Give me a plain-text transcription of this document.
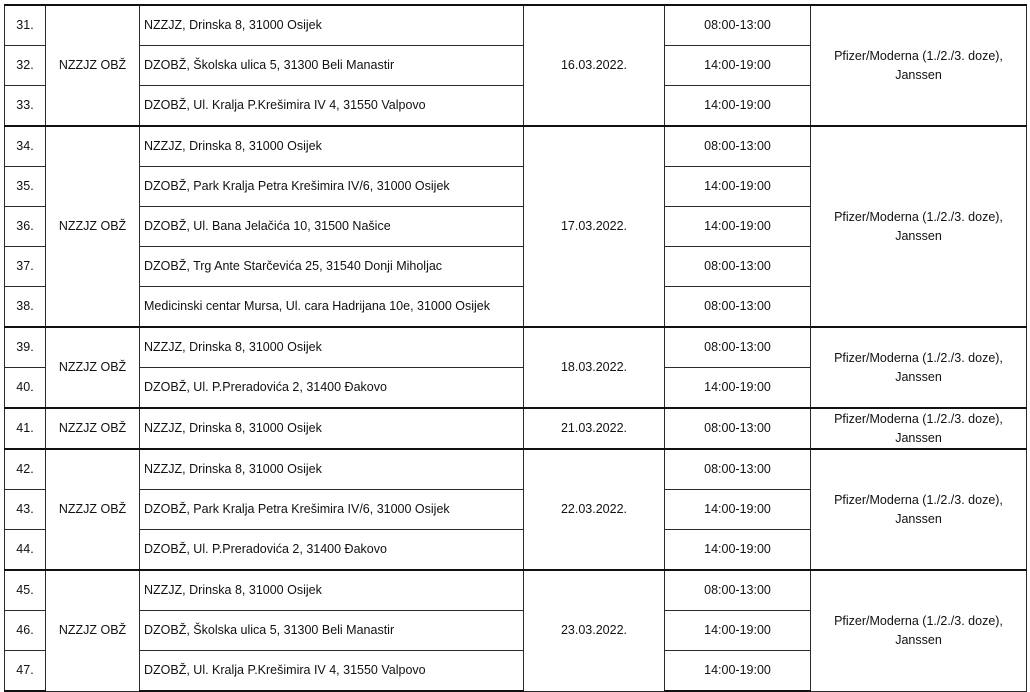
31.	NZZJZ OBŽ	NZZJZ, Drinska 8, 31000 Osijek	16.03.2022.	08:00-13:00	Pfizer/Moderna (1./2./3. doze), Janssen
32.		DZOBŽ, Školska ulica 5, 31300 Beli Manastir		14:00-19:00	
33.		DZOBŽ, Ul. Kralja P.Krešimira IV 4, 31550 Valpovo		14:00-19:00	
34.	NZZJZ OBŽ	NZZJZ, Drinska 8, 31000 Osijek	17.03.2022.	08:00-13:00	Pfizer/Moderna (1./2./3. doze), Janssen
35.		DZOBŽ, Park Kralja Petra Krešimira IV/6, 31000 Osijek		14:00-19:00	
36.		DZOBŽ, Ul. Bana Jelačića 10, 31500 Našice		14:00-19:00	
37.		DZOBŽ, Trg Ante Starčevića 25, 31540 Donji Miholjac		08:00-13:00	
38.		Medicinski centar Mursa, Ul. cara Hadrijana 10e, 31000 Osijek		08:00-13:00	
39.	NZZJZ OBŽ	NZZJZ, Drinska 8, 31000 Osijek	18.03.2022.	08:00-13:00	Pfizer/Moderna (1./2./3. doze), Janssen
40.		DZOBŽ, Ul. P.Preradovića 2, 31400 Đakovo		14:00-19:00	
41.	NZZJZ OBŽ	NZZJZ, Drinska 8, 31000 Osijek	21.03.2022.	08:00-13:00	Pfizer/Moderna (1./2./3. doze), Janssen
42.	NZZJZ OBŽ	NZZJZ, Drinska 8, 31000 Osijek	22.03.2022.	08:00-13:00	Pfizer/Moderna (1./2./3. doze), Janssen
43.		DZOBŽ, Park Kralja Petra Krešimira IV/6, 31000 Osijek		14:00-19:00	
44.		DZOBŽ, Ul. P.Preradovića 2, 31400 Đakovo		14:00-19:00	
45.	NZZJZ OBŽ	NZZJZ, Drinska 8, 31000 Osijek	23.03.2022.	08:00-13:00	Pfizer/Moderna (1./2./3. doze), Janssen
46.		DZOBŽ, Školska ulica 5, 31300 Beli Manastir		14:00-19:00	
47.		DZOBŽ, Ul. Kralja P.Krešimira IV 4, 31550 Valpovo		14:00-19:00	
